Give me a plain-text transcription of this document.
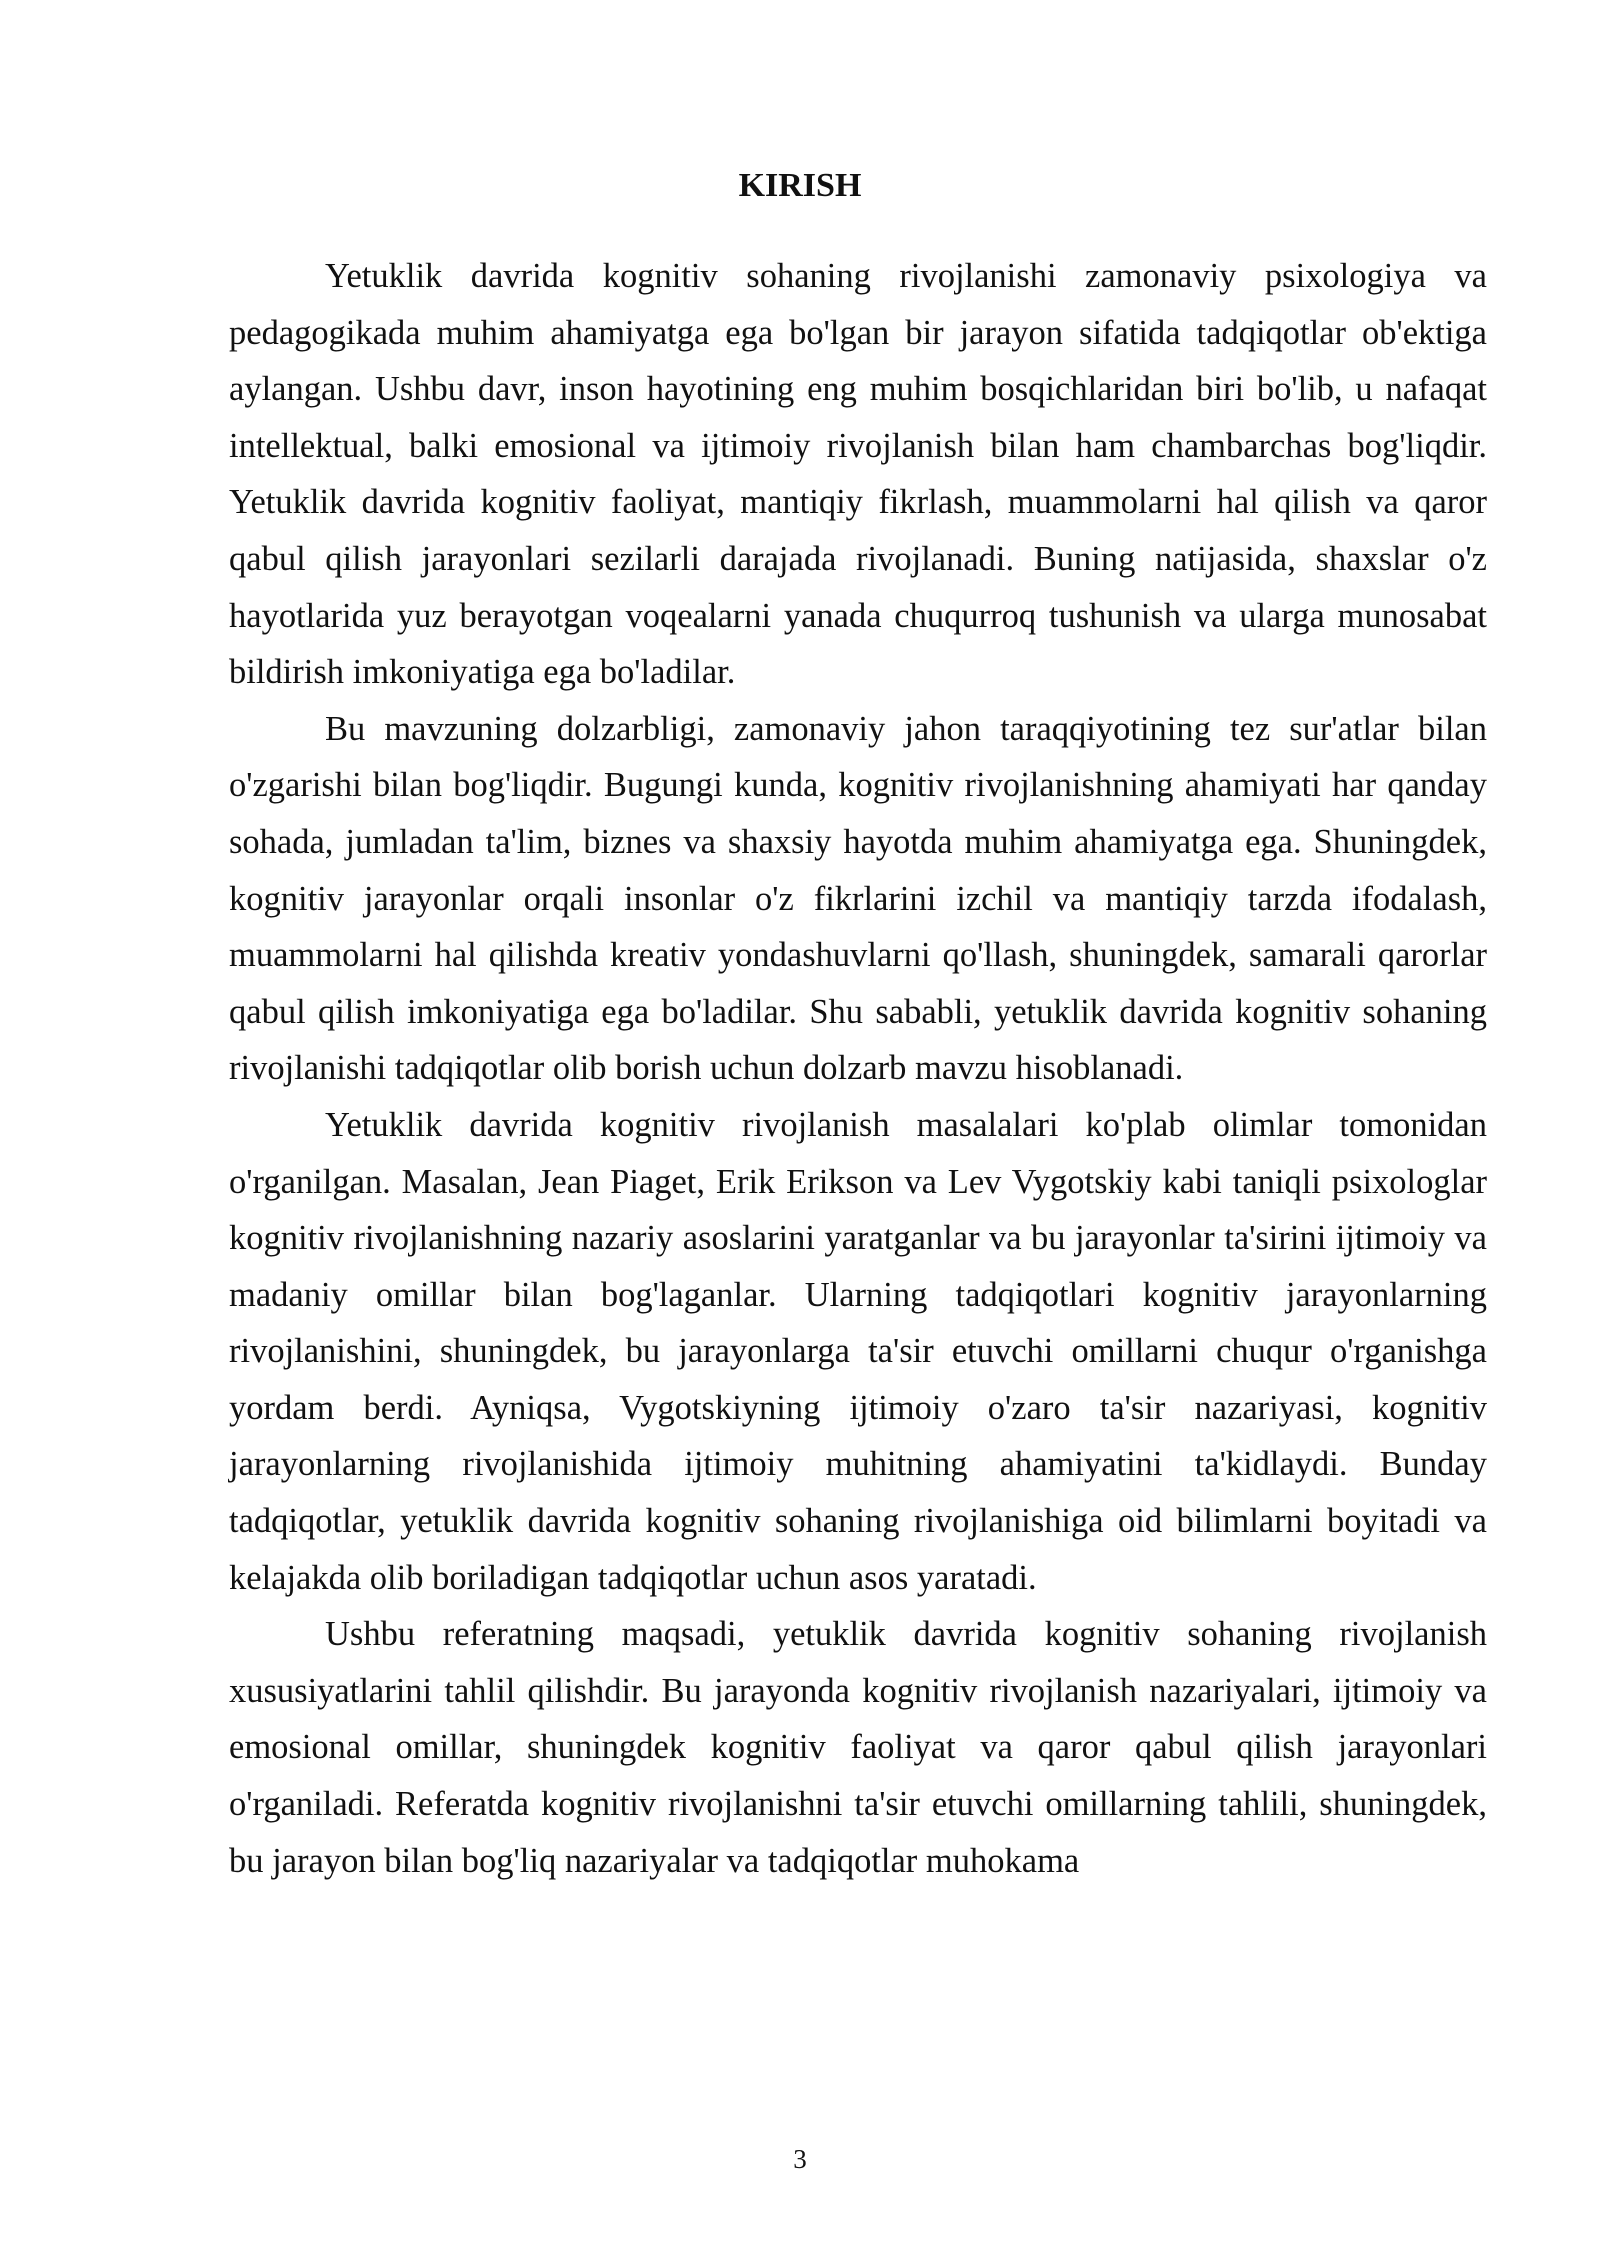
KIRISH

Yetuklik davrida kognitiv sohaning rivojlanishi zamonaviy psixologiya va pedagogikada muhim ahamiyatga ega bo'lgan bir jarayon sifatida tadqiqotlar ob'ektiga aylangan. Ushbu davr, inson hayotining eng muhim bosqichlaridan biri bo'lib, u nafaqat intellektual, balki emosional va ijtimoiy rivojlanish bilan ham chambarchas bog'liqdir. Yetuklik davrida kognitiv faoliyat, mantiqiy fikrlash, muammolarni hal qilish va qaror qabul qilish jarayonlari sezilarli darajada rivojlanadi. Buning natijasida, shaxslar o'z hayotlarida yuz berayotgan voqealarni yanada chuqurroq tushunish va ularga munosabat bildirish imkoniyatiga ega bo'ladilar.

Bu mavzuning dolzarbligi, zamonaviy jahon taraqqiyotining tez sur'atlar bilan o'zgarishi bilan bog'liqdir. Bugungi kunda, kognitiv rivojlanishning ahamiyati har qanday sohada, jumladan ta'lim, biznes va shaxsiy hayotda muhim ahamiyatga ega. Shuningdek, kognitiv jarayonlar orqali insonlar o'z fikrlarini izchil va mantiqiy tarzda ifodalash, muammolarni hal qilishda kreativ yondashuvlarni qo'llash, shuningdek, samarali qarorlar qabul qilish imkoniyatiga ega bo'ladilar. Shu sababli, yetuklik davrida kognitiv sohaning rivojlanishi tadqiqotlar olib borish uchun dolzarb mavzu hisoblanadi.

Yetuklik davrida kognitiv rivojlanish masalalari ko'plab olimlar tomonidan o'rganilgan. Masalan, Jean Piaget, Erik Erikson va Lev Vygotskiy kabi taniqli psixologlar kognitiv rivojlanishning nazariy asoslarini yaratganlar va bu jarayonlar ta'sirini ijtimoiy va madaniy omillar bilan bog'laganlar. Ularning tadqiqotlari kognitiv jarayonlarning rivojlanishini, shuningdek, bu jarayonlarga ta'sir etuvchi omillarni chuqur o'rganishga yordam berdi. Ayniqsa, Vygotskiyning ijtimoiy o'zaro ta'sir nazariyasi, kognitiv jarayonlarning rivojlanishida ijtimoiy muhitning ahamiyatini ta'kidlaydi. Bunday tadqiqotlar, yetuklik davrida kognitiv sohaning rivojlanishiga oid bilimlarni boyitadi va kelajakda olib boriladigan tadqiqotlar uchun asos yaratadi.

Ushbu referatning maqsadi, yetuklik davrida kognitiv sohaning rivojlanish xususiyatlarini tahlil qilishdir. Bu jarayonda kognitiv rivojlanish nazariyalari, ijtimoiy va emosional omillar, shuningdek kognitiv faoliyat va qaror qabul qilish jarayonlari o'rganiladi. Referatda kognitiv rivojlanishni ta'sir etuvchi omillarning tahlili, shuningdek, bu jarayon bilan bog'liq nazariyalar va tadqiqotlar muhokama

3
